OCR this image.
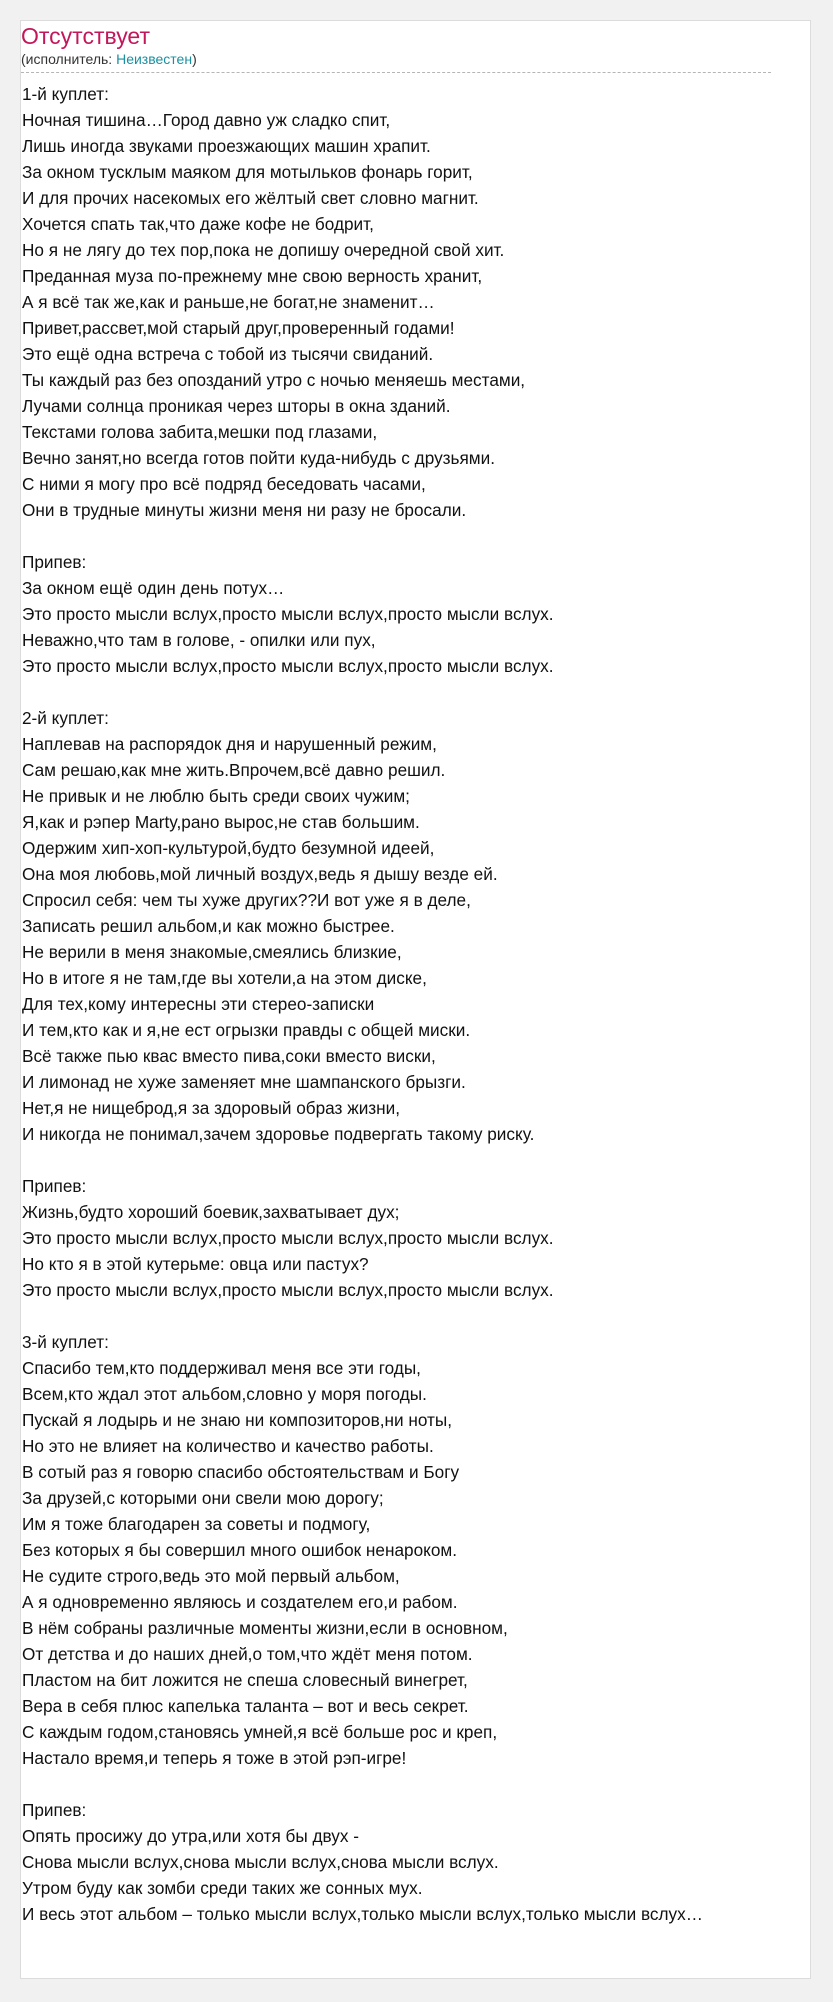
Отсутствует
(исполнитель: Неизвестен)
1-й куплет:
Ночная тишина…Город давно уж сладко спит,
Лишь иногда звуками проезжающих машин храпит.
За окном тусклым маяком для мотыльков фонарь горит,
И для прочих насекомых его жёлтый свет словно магнит.
Хочется спать так,что даже кофе не бодрит,
Но я не лягу до тех пор,пока не допишу очередной свой хит.
Преданная муза по-прежнему мне свою верность хранит,
А я всё так же,как и раньше,не богат,не знаменит…
Привет,рассвет,мой старый друг,проверенный годами!
Это ещё одна встреча с тобой из тысячи свиданий.
Ты каждый раз без опозданий утро с ночью меняешь местами,
Лучами солнца проникая через шторы в окна зданий.
Текстами голова забита,мешки под глазами,
Вечно занят,но всегда готов пойти куда-нибудь с друзьями.
С ними я могу про всё подряд беседовать часами,
Они в трудные минуты жизни меня ни разу не бросали.
Припев:
За окном ещё один день потух…
Это просто мысли вслух,просто мысли вслух,просто мысли вслух.
Неважно,что там в голове, - опилки или пух,
Это просто мысли вслух,просто мысли вслух,просто мысли вслух.
2-й куплет:
Наплевав на распорядок дня и нарушенный режим,
Сам решаю,как мне жить.Впрочем,всё давно решил.
Не привык и не люблю быть среди своих чужим;
Я,как и рэпер Marty,рано вырос,не став большим.
Одержим хип-хоп-культурой,будто безумной идеей,
Она моя любовь,мой личный воздух,ведь я дышу везде ей.
Спросил себя: чем ты хуже других??И вот уже я в деле,
Записать решил альбом,и как можно быстрее.
Не верили в меня знакомые,смеялись близкие,
Но в итоге я не там,где вы хотели,а на этом диске,
Для тех,кому интересны эти стерео-записки
И тем,кто как и я,не ест огрызки правды с общей миски.
Всё также пью квас вместо пива,соки вместо виски,
И лимонад не хуже заменяет мне шампанского брызги.
Нет,я не нищеброд,я за здоровый образ жизни,
И никогда не понимал,зачем здоровье подвергать такому риску.
Припев:
Жизнь,будто хороший боевик,захватывает дух;
Это просто мысли вслух,просто мысли вслух,просто мысли вслух.
Но кто я в этой кутерьме: овца или пастух?
Это просто мысли вслух,просто мысли вслух,просто мысли вслух.
3-й куплет:
Спасибо тем,кто поддерживал меня все эти годы,
Всем,кто ждал этот альбом,словно у моря погоды.
Пускай я лодырь и не знаю ни композиторов,ни ноты,
Но это не влияет на количество и качество работы.
В сотый раз я говорю спасибо обстоятельствам и Богу
За друзей,с которыми они свели мою дорогу;
Им я тоже благодарен за советы и подмогу,
Без которых я бы совершил много ошибок ненароком.
Не судите строго,ведь это мой первый альбом,
А я одновременно являюсь и создателем его,и рабом.
В нём собраны различные моменты жизни,если в основном,
От детства и до наших дней,о том,что ждёт меня потом.
Пластом на бит ложится не спеша словесный винегрет,
Вера в себя плюс капелька таланта – вот и весь секрет.
С каждым годом,становясь умней,я всё больше рос и креп,
Настало время,и теперь я тоже в этой рэп-игре!
Припев:
Опять просижу до утра,или хотя бы двух -
Снова мысли вслух,снова мысли вслух,снова мысли вслух.
Утром буду как зомби среди таких же сонных мух.
И весь этот альбом – только мысли вслух,только мысли вслух,только мысли вслух…
